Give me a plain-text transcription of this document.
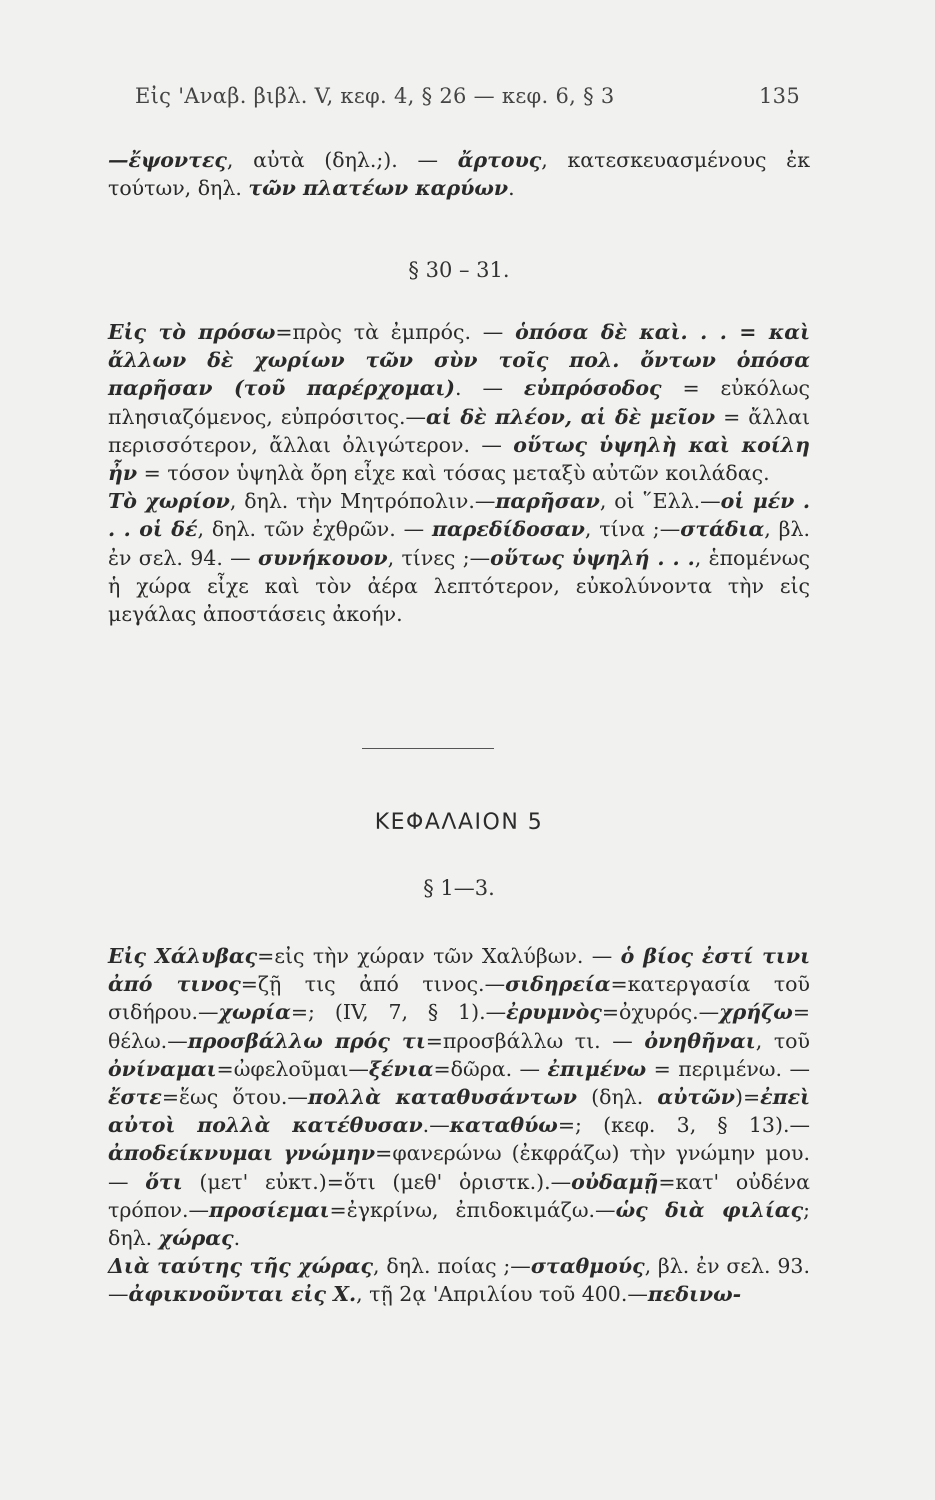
Εἰς 'Αναβ. βιβλ. V, κεφ. 4, § 26 — κεφ. 6, § 3	135

—ἔψοντες, αὐτὰ (δηλ.;). — ἄρτους, κατεσκευασμένους ἐκ τούτων, δηλ. τῶν πλατέων καρύων.

§ 30 – 31.

Εἰς τὸ πρόσω=πρὸς τὰ ἐμπρός. — ὁπόσα δὲ καὶ. . . = καὶ ἄλλων δὲ χωρίων τῶν σὺν τοῖς πολ. ὄντων ὁπόσα παρῆσαν (τοῦ παρέρχομαι). — εὐπρόσοδος = εὐκόλως πλησιαζόμενος, εὐπρόσιτος.—αἱ δὲ πλέον, αἱ δὲ μεῖον = ἄλλαι περισσότερον, ἄλλαι ὀλιγώτερον. — οὕτως ὑψηλὴ καὶ κοίλη ἦν = τόσον ὑψηλὰ ὄρη εἶχε καὶ τόσας μεταξὺ αὐτῶν κοιλάδας.

Τὸ χωρίον, δηλ. τὴν Μητρόπολιν.—παρῆσαν, οἱ ῞Ελλ.—οἱ μέν . . . οἱ δέ, δηλ. τῶν ἐχθρῶν. — παρεδίδοσαν, τίνα ;—στάδια, βλ. ἐν σελ. 94. — συνήκουον, τίνες ;—οὕτως ὑψηλή . . ., ἑπομένως ἡ χώρα εἶχε καὶ τὸν ἀέρα λεπτότερον, εὐκολύνοντα τὴν εἰς μεγάλας ἀποστάσεις ἀκοήν.

ΚΕΦΑΛΑΙΟΝ 5
§ 1—3.

Εἰς Χάλυβας=εἰς τὴν χώραν τῶν Χαλύβων. — ὁ βίος ἐστί τινι ἀπό τινος=ζῇ τις ἀπό τινος.—σιδηρεία=κατεργασία τοῦ σιδήρου.—χωρία=; (IV, 7, § 1).—ἐρυμνὸς=ὀχυρός.—χρήζω= θέλω.—προσβάλλω πρός τι=προσβάλλω τι. — ὀνηθῆναι, τοῦ ὀνίναμαι=ὠφελοῦμαι—ξένια=δῶρα. — ἐπιμένω = περιμένω. —ἔστε=ἕως ὅτου.—πολλὰ καταθυσάντων (δηλ. αὐτῶν)=ἐπεὶ αὐτοὶ πολλὰ κατέθυσαν.—καταθύω=; (κεφ. 3, § 13).—ἀποδείκνυμαι γνώμην=φανερώνω (ἐκφράζω) τὴν γνώμην μου.— ὅτι (μετ' εὐκτ.)=ὅτι (μεθ' ὁριστκ.).—οὐδαμῇ=κατ' οὐδένα τρόπον.—προσίεμαι=ἐγκρίνω, ἐπιδοκιμάζω.—ὡς διὰ φιλίας; δηλ. χώρας.

Διὰ ταύτης τῆς χώρας, δηλ. ποίας ;—σταθμούς, βλ. ἐν σελ. 93.—ἀφικνοῦνται εἰς Χ., τῇ 2ᾳ 'Απριλίου τοῦ 400.—πεδινω-
